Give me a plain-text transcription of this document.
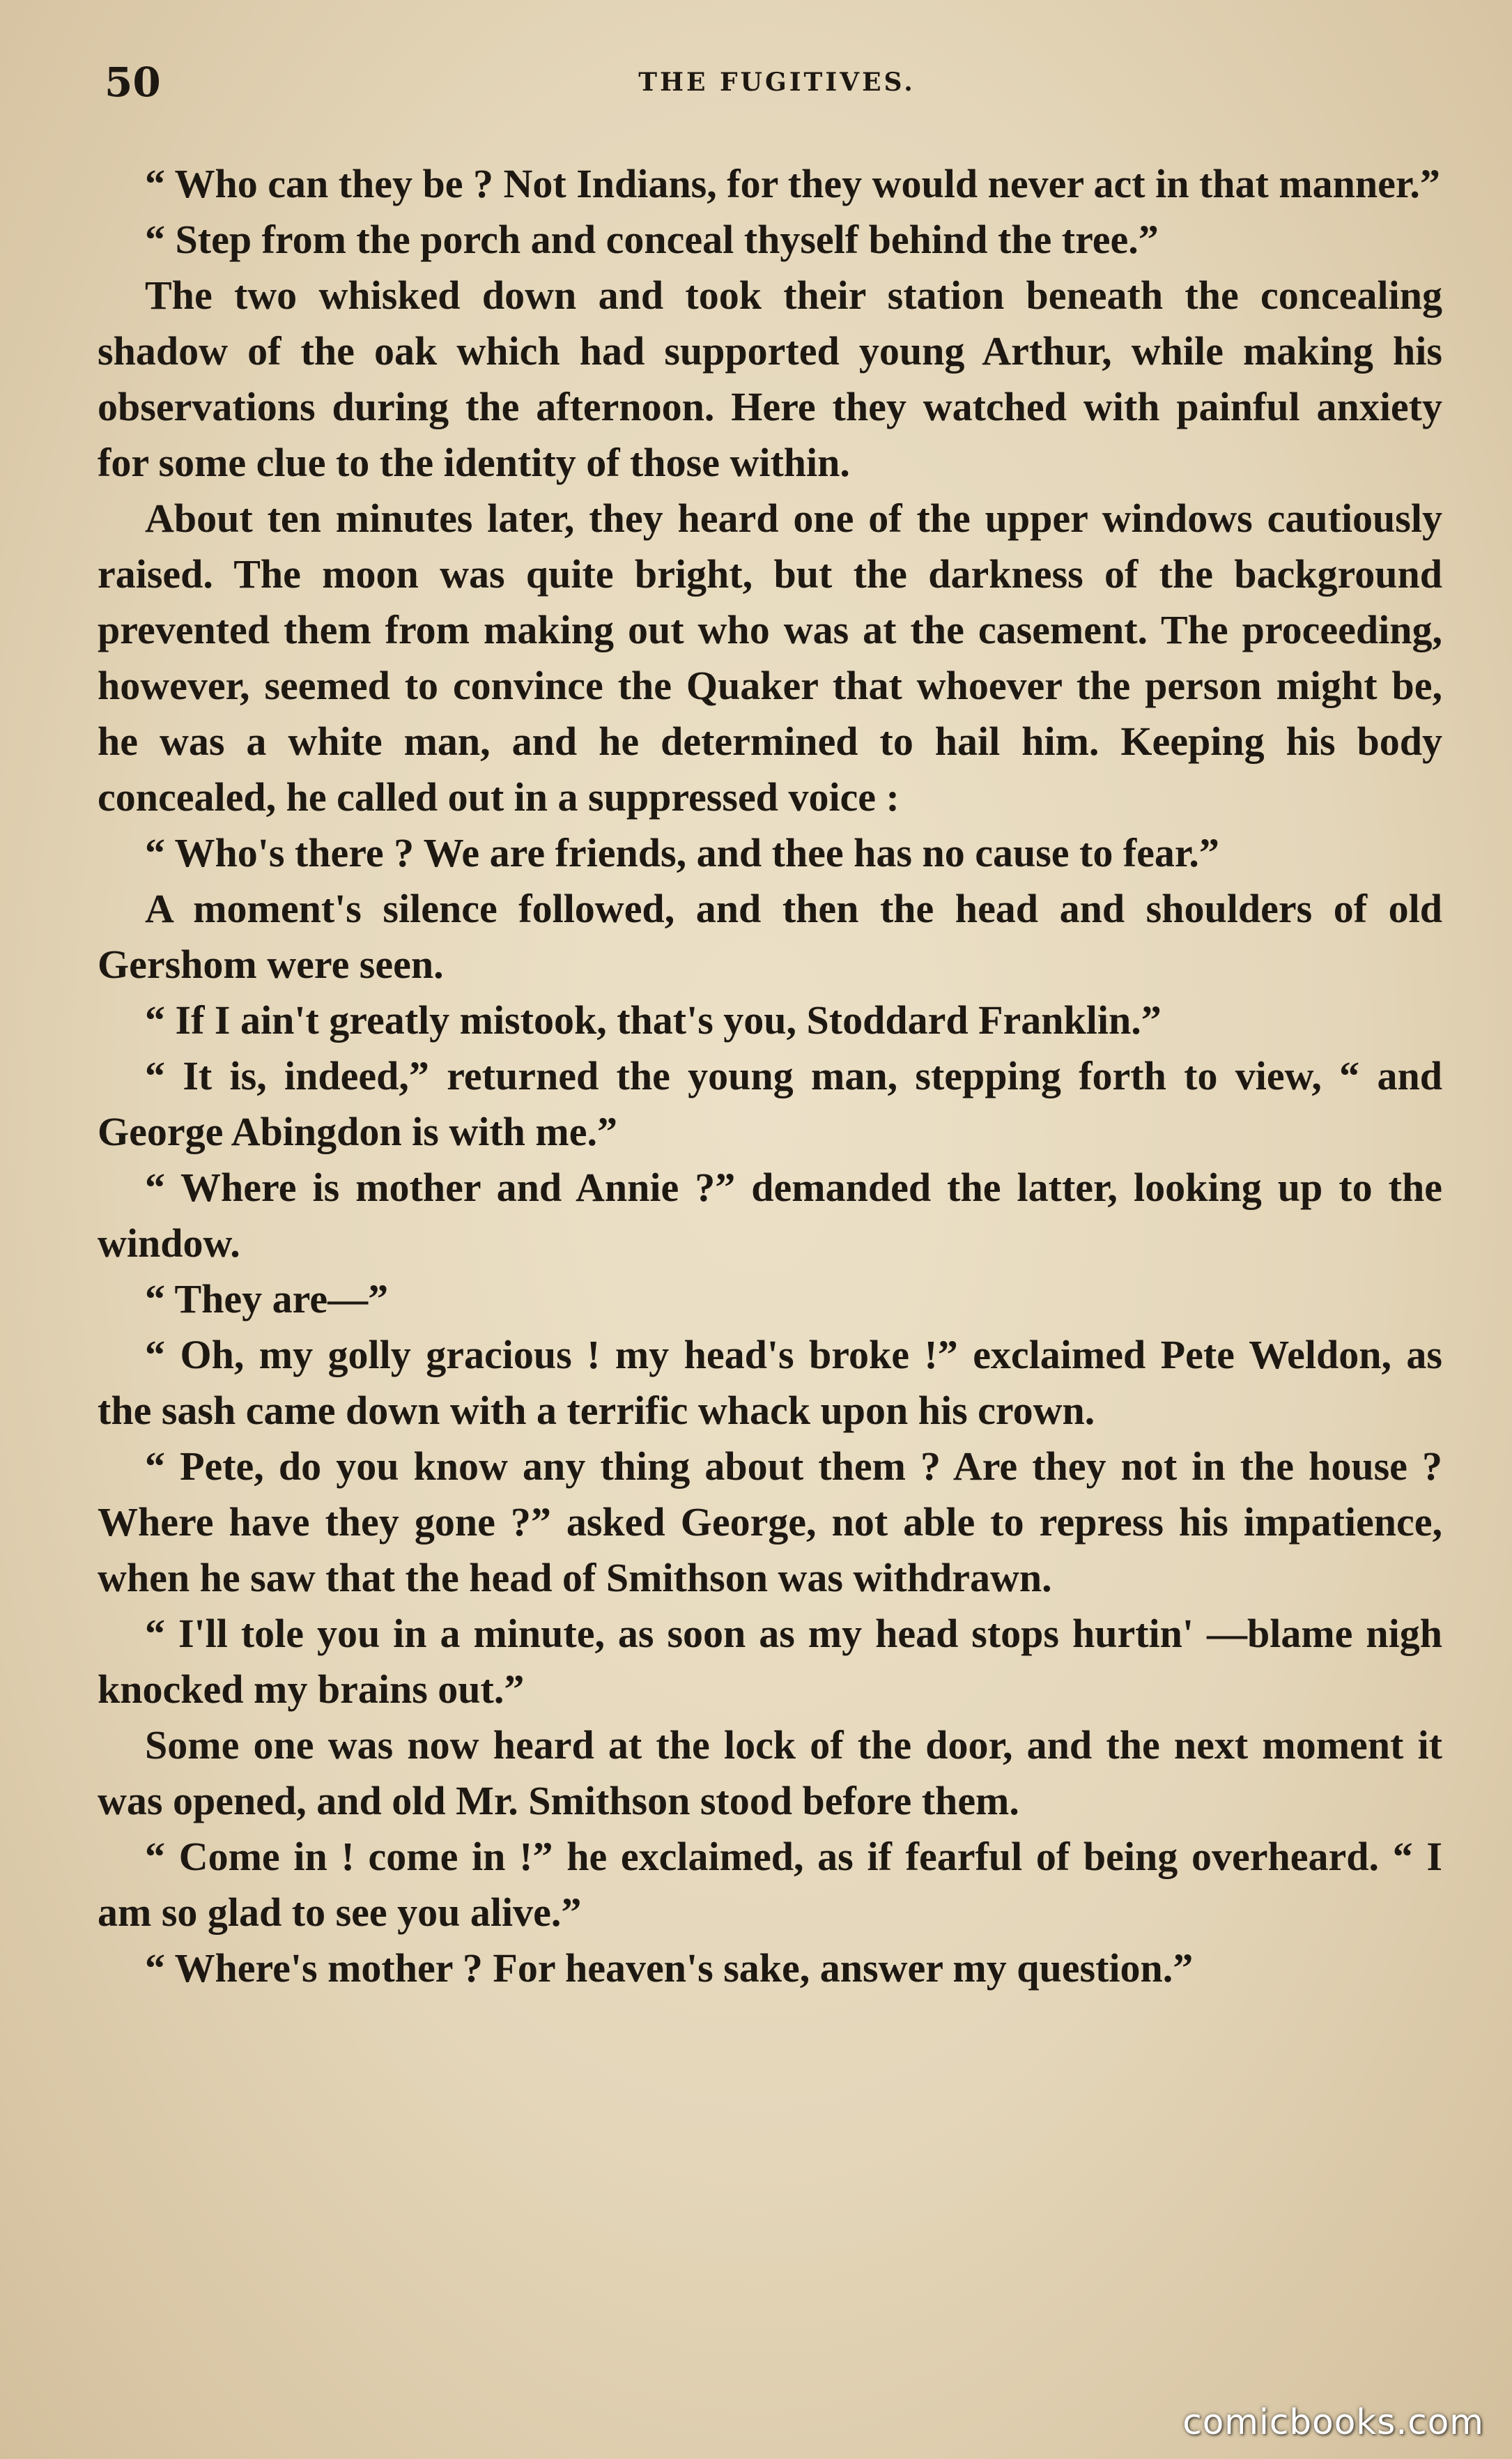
50	THE FUGITIVES.

“ Who can they be ? Not Indians, for they would never act in that manner.”

“ Step from the porch and conceal thyself behind the tree.”

The two whisked down and took their station beneath the concealing shadow of the oak which had supported young Arthur, while making his observations during the afternoon. Here they watched with painful anxiety for some clue to the identity of those within.

About ten minutes later, they heard one of the upper windows cautiously raised. The moon was quite bright, but the darkness of the background prevented them from making out who was at the casement. The proceeding, however, seemed to convince the Quaker that whoever the person might be, he was a white man, and he determined to hail him. Keeping his body concealed, he called out in a suppressed voice :

“ Who's there ? We are friends, and thee has no cause to fear.”

A moment's silence followed, and then the head and shoulders of old Gershom were seen.

“ If I ain't greatly mistook, that's you, Stoddard Franklin.”

“ It is, indeed,” returned the young man, stepping forth to view, “ and George Abingdon is with me.”

“ Where is mother and Annie ?” demanded the latter, looking up to the window.

“ They are—”

“ Oh, my golly gracious ! my head's broke !” exclaimed Pete Weldon, as the sash came down with a terrific whack upon his crown.

“ Pete, do you know any thing about them ? Are they not in the house ? Where have they gone ?” asked George, not able to repress his impatience, when he saw that the head of Smithson was withdrawn.

“ I'll tole you in a minute, as soon as my head stops hurtin' —blame nigh knocked my brains out.”

Some one was now heard at the lock of the door, and the next moment it was opened, and old Mr. Smithson stood before them.

“ Come in ! come in !” he exclaimed, as if fearful of being overheard. “ I am so glad to see you alive.”

“ Where's mother ? For heaven's sake, answer my question.”

comicbooks.com
